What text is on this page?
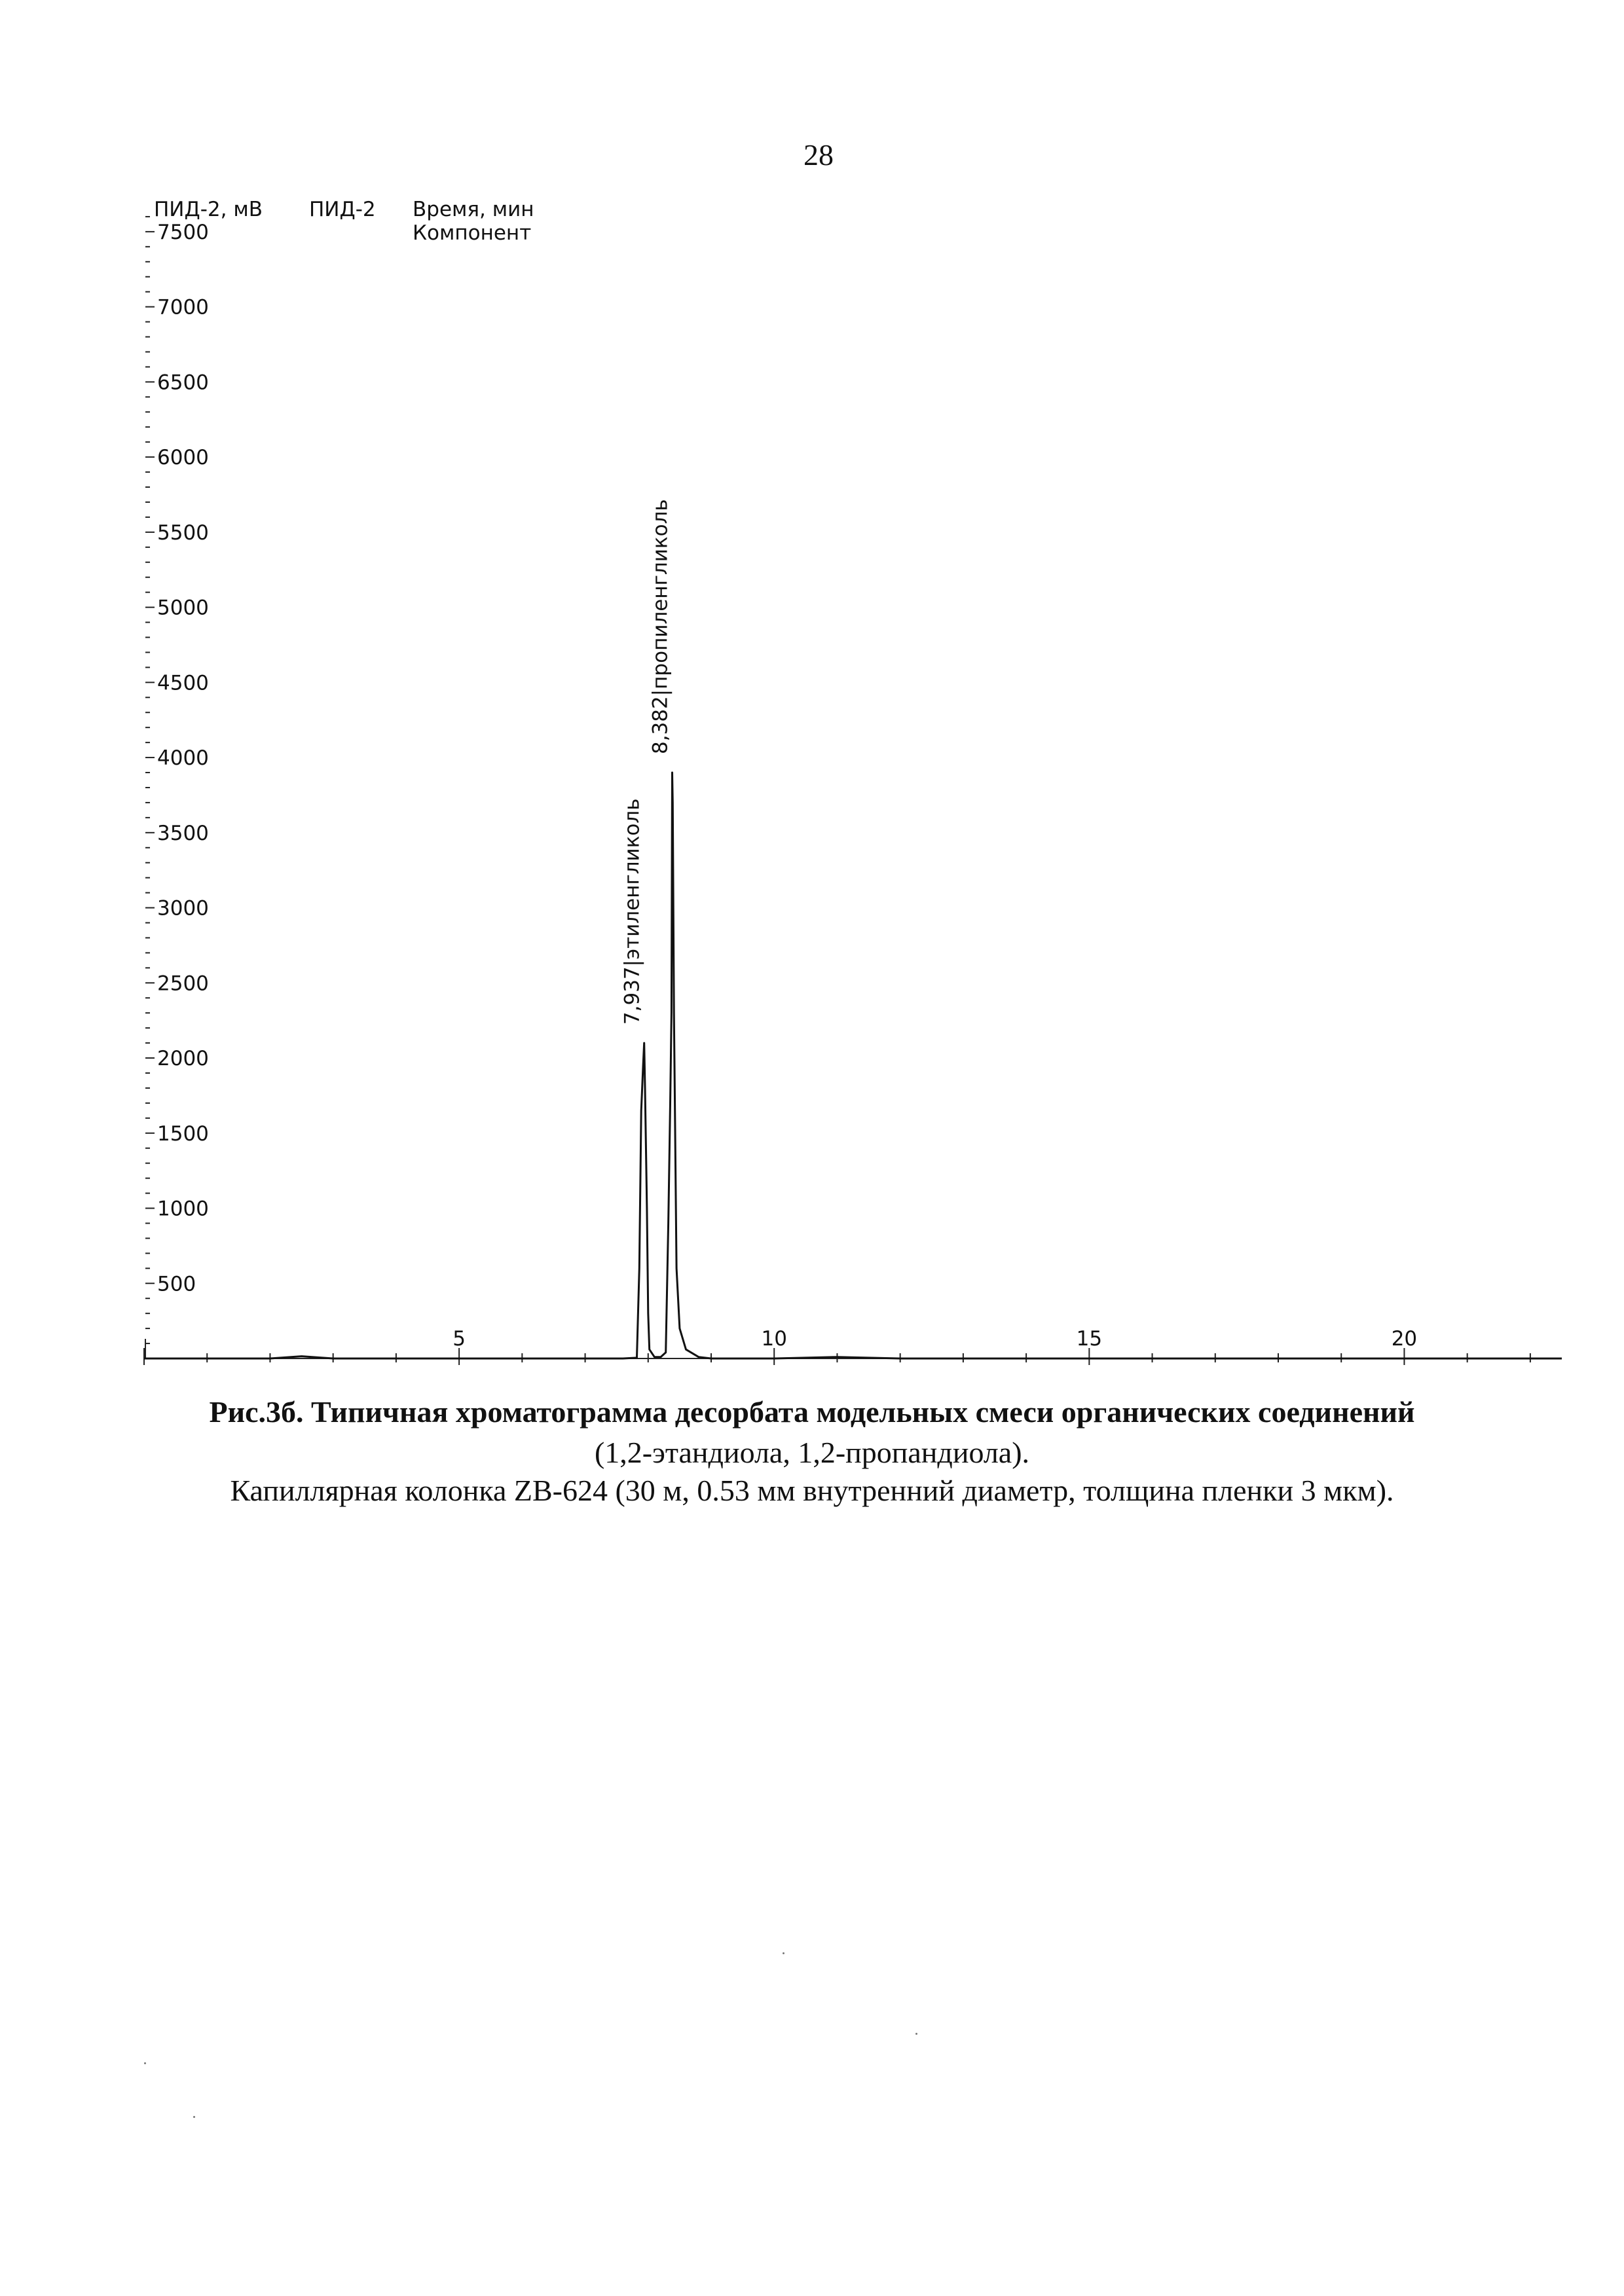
28
500
1000
1500
2000
2500
3000
3500
4000
4500
5000
5500
6000
6500
7000
7500
5	10	15	20
ПИД-2, мВ ПИД-2 Время, мин
Компонент
7,937|этиленгликоль
8,382|пропиленгликоль
Рис.3б. Типичная хроматограмма десорбата модельных смеси органических соединений
(1,2-этандиола, 1,2-пропандиола).
Капиллярная колонка ZB-624 (30 м, 0.53 мм внутренний диаметр, толщина пленки 3 мкм).
